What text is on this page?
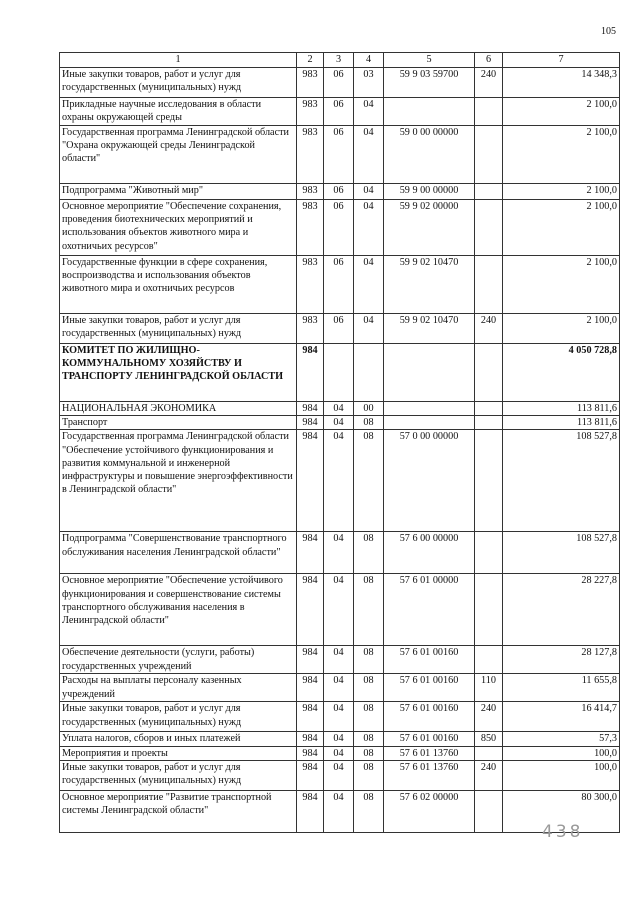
105
1	2	3	4	5	6	7
Иные закупки товаров, работ и услуг для государственных (муниципальных) нужд	983	06	03	59 9 03 59700	240	14 348,3
Прикладные научные исследования в области охраны окружающей среды	983	06	04			2 100,0
Государственная программа Ленинградской области "Охрана окружающей среды Ленинградской области"	983	06	04	59 0 00 00000		2 100,0
Подпрограмма "Животный мир"	983	06	04	59 9 00 00000		2 100,0
Основное мероприятие "Обеспечение сохранения, проведения биотехнических мероприятий и использования объектов животного мира и охотничьих ресурсов"	983	06	04	59 9 02 00000		2 100,0
Государственные функции в сфере сохранения, воспроизводства и использования объектов животного мира и охотничьих ресурсов	983	06	04	59 9 02 10470		2 100,0
Иные закупки товаров, работ и услуг для государственных (муниципальных) нужд	983	06	04	59 9 02 10470	240	2 100,0
КОМИТЕТ ПО ЖИЛИЩНО-КОММУНАЛЬНОМУ ХОЗЯЙСТВУ И ТРАНСПОРТУ ЛЕНИНГРАДСКОЙ ОБЛАСТИ	984					4 050 728,8
НАЦИОНАЛЬНАЯ ЭКОНОМИКА	984	04	00			113 811,6
Транспорт	984	04	08			113 811,6
Государственная программа Ленинградской области "Обеспечение устойчивого функционирования и развития коммунальной и инженерной инфраструктуры и повышение энергоэффективности в Ленинградской области"	984	04	08	57 0 00 00000		108 527,8
Подпрограмма "Совершенствование транспортного обслуживания населения Ленинградской области"	984	04	08	57 6 00 00000		108 527,8
Основное мероприятие "Обеспечение устойчивого функционирования и совершенствование системы транспортного обслуживания населения в Ленинградской области"	984	04	08	57 6 01 00000		28 227,8
Обеспечение деятельности (услуги, работы) государственных учреждений	984	04	08	57 6 01 00160		28 127,8
Расходы на выплаты персоналу казенных учреждений	984	04	08	57 6 01 00160	110	11 655,8
Иные закупки товаров, работ и услуг для государственных (муниципальных) нужд	984	04	08	57 6 01 00160	240	16 414,7
Уплата налогов, сборов и иных платежей	984	04	08	57 6 01 00160	850	57,3
Мероприятия и проекты	984	04	08	57 6 01 13760		100,0
Иные закупки товаров, работ и услуг для государственных (муниципальных) нужд	984	04	08	57 6 01 13760	240	100,0
Основное мероприятие "Развитие транспортной системы Ленинградской области"	984	04	08	57 6 02 00000		80 300,0
438
